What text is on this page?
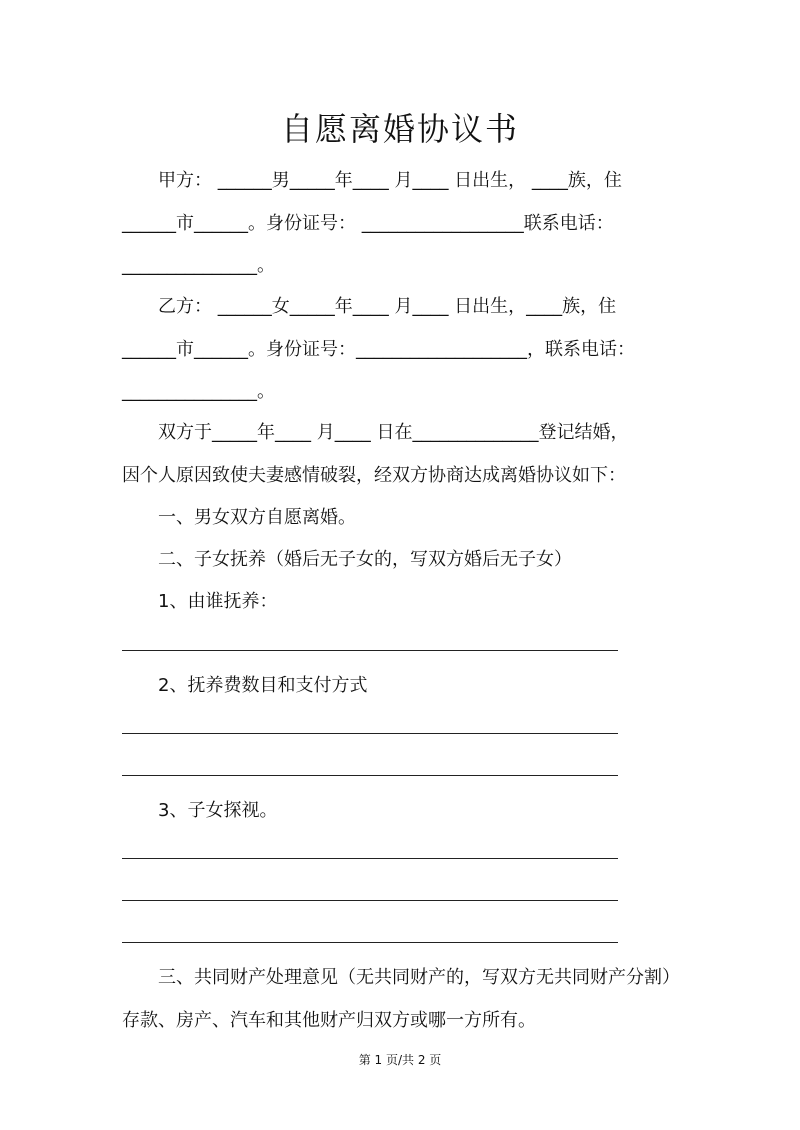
自愿离婚协议书
甲方： ______男_____年____ 月____ 日出生， ____族，住
______市______。身份证号： __________________联系电话：
_______________。
乙方： ______女_____年____ 月____ 日出生，____族，住
______市______。身份证号：___________________，联系电话：
_______________。
双方于_____年____ 月____ 日在______________登记结婚，
因个人原因致使夫妻感情破裂，经双方协商达成离婚协议如下：
一、男女双方自愿离婚。
二、子女抚养（婚后无子女的，写双方婚后无子女）
1、由谁抚养：
2、抚养费数目和支付方式
3、子女探视。
三、共同财产处理意见（无共同财产的，写双方无共同财产分割）
存款、房产、汽车和其他财产归双方或哪一方所有。
第 1 页/共 2 页
